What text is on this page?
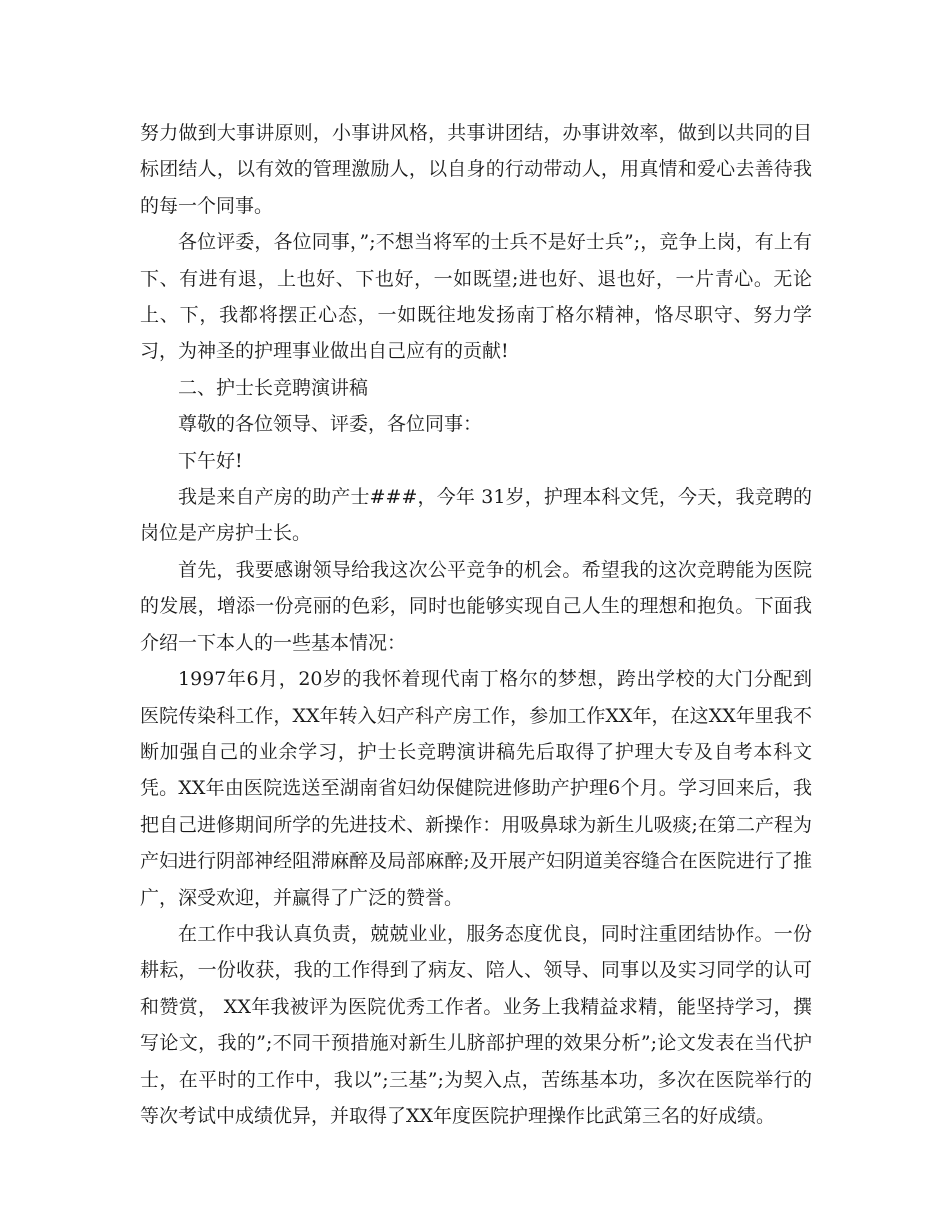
努力做到大事讲原则，小事讲风格，共事讲团结，办事讲效率，做到以共同的目标团结人，以有效的管理激励人，以自身的行动带动人，用真情和爱心去善待我的每一个同事。

各位评委，各位同事，”;不想当将军的士兵不是好士兵”;，竞争上岗，有上有下、有进有退，上也好、下也好，一如既望;进也好、退也好，一片青心。无论上、下，我都将摆正心态，一如既往地发扬南丁格尔精神，恪尽职守、努力学习，为神圣的护理事业做出自己应有的贡献!

二、护士长竞聘演讲稿

尊敬的各位领导、评委，各位同事：

下午好!

我是来自产房的助产士###，今年 31岁，护理本科文凭，今天，我竞聘的岗位是产房护士长。

首先，我要感谢领导给我这次公平竞争的机会。希望我的这次竞聘能为医院的发展，增添一份亮丽的色彩，同时也能够实现自己人生的理想和抱负。下面我介绍一下本人的一些基本情况：

1997年6月，20岁的我怀着现代南丁格尔的梦想，跨出学校的大门分配到医院传染科工作，XX年转入妇产科产房工作，参加工作XX年，在这XX年里我不断加强自己的业余学习，护士长竞聘演讲稿先后取得了护理大专及自考本科文凭。XX年由医院选送至湖南省妇幼保健院进修助产护理6个月。学习回来后，我把自己进修期间所学的先进技术、新操作：用吸鼻球为新生儿吸痰;在第二产程为产妇进行阴部神经阻滞麻醉及局部麻醉;及开展产妇阴道美容缝合在医院进行了推广，深受欢迎，并赢得了广泛的赞誉。

在工作中我认真负责，兢兢业业，服务态度优良，同时注重团结协作。一份耕耘，一份收获，我的工作得到了病友、陪人、领导、同事以及实习同学的认可和赞赏， XX年我被评为医院优秀工作者。业务上我精益求精，能坚持学习，撰写论文，我的”;不同干预措施对新生儿脐部护理的效果分析”;论文发表在当代护士，在平时的工作中，我以”;三基”;为契入点，苦练基本功，多次在医院举行的等次考试中成绩优异，并取得了XX年度医院护理操作比武第三名的好成绩。
